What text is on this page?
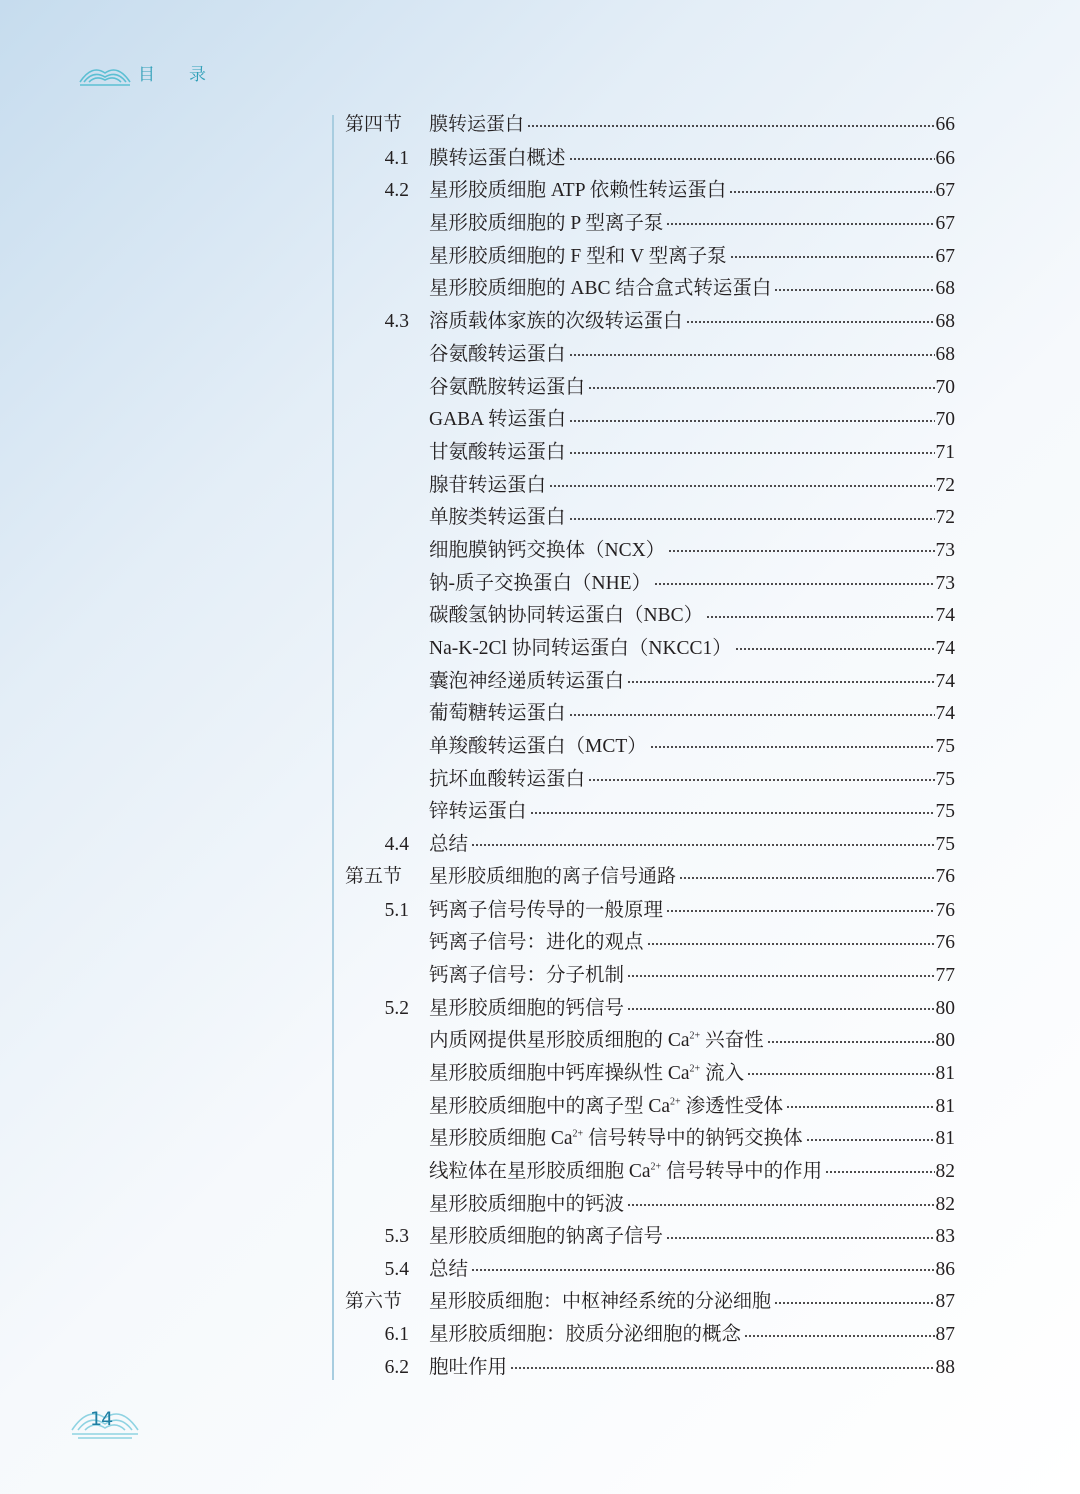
目录
第四节	膜转运蛋白	66
4.1	膜转运蛋白概述	66
4.2	星形胶质细胞 ATP 依赖性转运蛋白	67
星形胶质细胞的 P 型离子泵	67
星形胶质细胞的 F 型和 V 型离子泵	67
星形胶质细胞的 ABC 结合盒式转运蛋白	68
4.3	溶质载体家族的次级转运蛋白	68
谷氨酸转运蛋白	68
谷氨酰胺转运蛋白	70
GABA 转运蛋白	70
甘氨酸转运蛋白	71
腺苷转运蛋白	72
单胺类转运蛋白	72
细胞膜钠钙交换体（NCX）	73
钠-质子交换蛋白（NHE）	73
碳酸氢钠协同转运蛋白（NBC）	74
Na-K-2Cl 协同转运蛋白（NKCC1）	74
囊泡神经递质转运蛋白	74
葡萄糖转运蛋白	74
单羧酸转运蛋白（MCT）	75
抗坏血酸转运蛋白	75
锌转运蛋白	75
4.4	总结	75
第五节	星形胶质细胞的离子信号通路	76
5.1	钙离子信号传导的一般原理	76
钙离子信号：进化的观点	76
钙离子信号：分子机制	77
5.2	星形胶质细胞的钙信号	80
内质网提供星形胶质细胞的 $Ca^{2+}$ 兴奋性	80
星形胶质细胞中钙库操纵性 $Ca^{2+}$ 流入	81
星形胶质细胞中的离子型 $Ca^{2+}$ 渗透性受体	81
星形胶质细胞 $Ca^{2+}$ 信号转导中的钠钙交换体	81
线粒体在星形胶质细胞 $Ca^{2+}$ 信号转导中的作用	82
星形胶质细胞中的钙波	82
5.3	星形胶质细胞的钠离子信号	83
5.4	总结	86
第六节	星形胶质细胞：中枢神经系统的分泌细胞	87
6.1	星形胶质细胞：胶质分泌细胞的概念	87
6.2	胞吐作用	88
14
